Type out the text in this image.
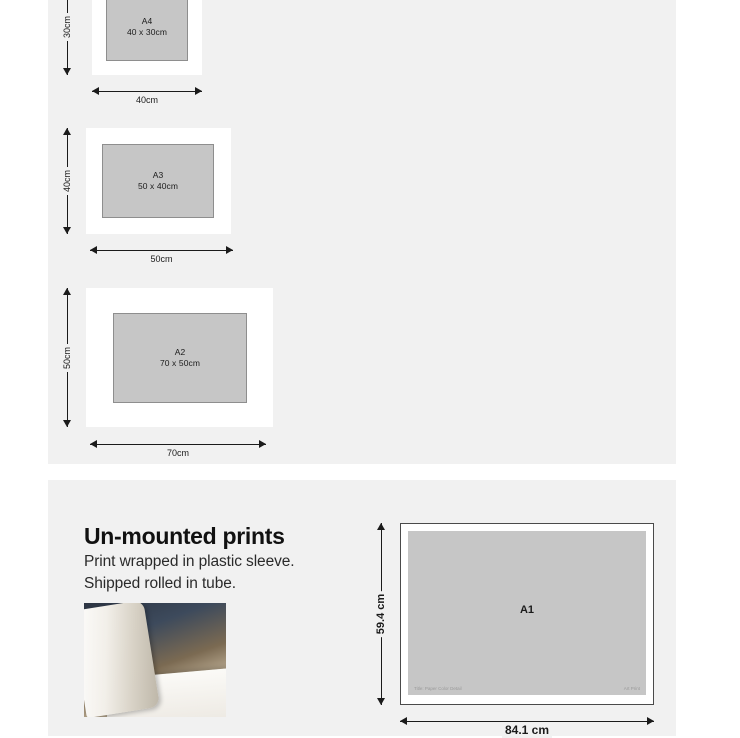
A4
40 x 30cm
40cm
30cm
A3
50 x 40cm
50cm
40cm
A2
70 x 50cm
70cm
50cm
Un-mounted prints
Print wrapped in plastic sleeve.
Shipped rolled in tube.
Title: Paper Color Detail	Art Print
A1
84.1 cm
59.4 cm
